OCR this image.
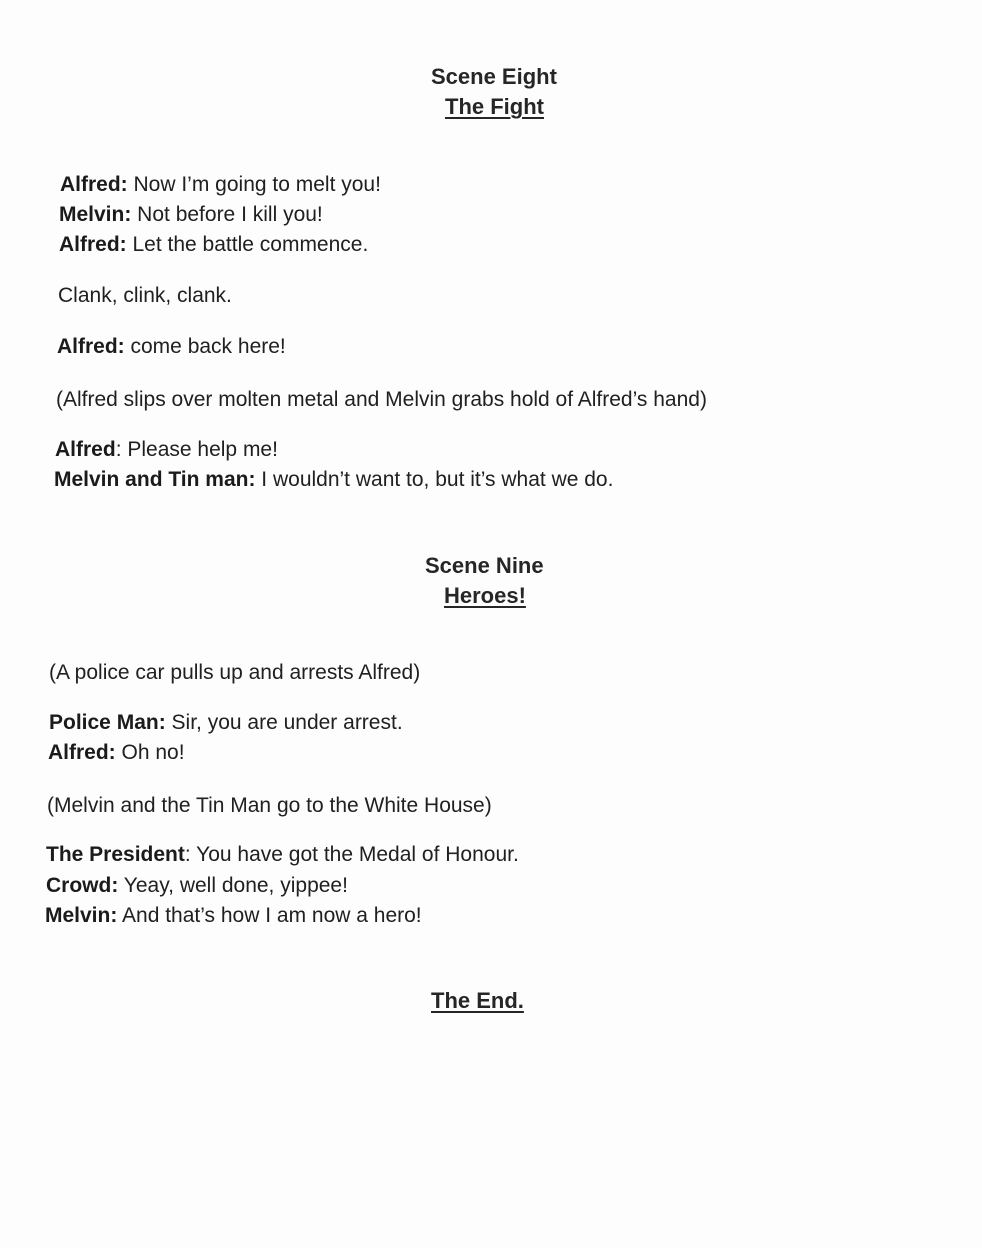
Scene Eight
The Fight
Alfred: Now I’m going to melt you!
Melvin: Not before I kill you!
Alfred: Let the battle commence.
Clank, clink, clank.
Alfred: come back here!
(Alfred slips over molten metal and Melvin grabs hold of Alfred’s hand)
Alfred: Please help me!
Melvin and Tin man: I wouldn’t want to, but it’s what we do.
Scene Nine
Heroes!
(A police car pulls up and arrests Alfred)
Police Man: Sir, you are under arrest.
Alfred: Oh no!
(Melvin and the Tin Man go to the White House)
The President: You have got the Medal of Honour.
Crowd: Yeay, well done, yippee!
Melvin: And that’s how I am now a hero!
The End.
